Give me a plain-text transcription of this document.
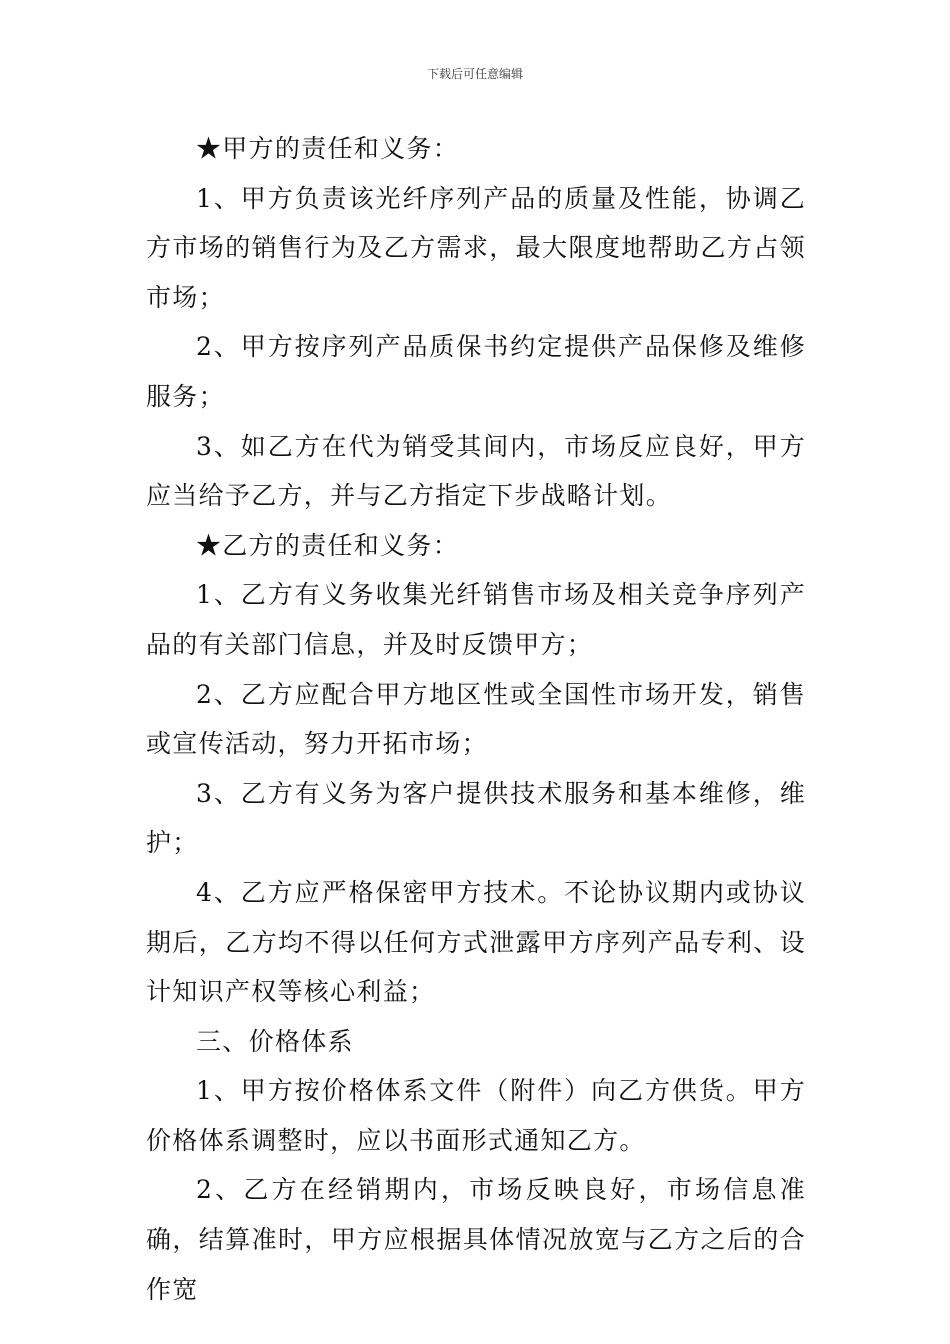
下载后可任意编辑

★甲方的责任和义务：

1、甲方负责该光纤序列产品的质量及性能，协调乙方市场的销售行为及乙方需求，最大限度地帮助乙方占领市场；

2、甲方按序列产品质保书约定提供产品保修及维修服务；

3、如乙方在代为销受其间内，市场反应良好，甲方应当给予乙方，并与乙方指定下步战略计划。

★乙方的责任和义务：

1、乙方有义务收集光纤销售市场及相关竞争序列产品的有关部门信息，并及时反馈甲方；

2、乙方应配合甲方地区性或全国性市场开发，销售或宣传活动，努力开拓市场；

3、乙方有义务为客户提供技术服务和基本维修，维护；

4、乙方应严格保密甲方技术。不论协议期内或协议期后，乙方均不得以任何方式泄露甲方序列产品专利、设计知识产权等核心利益；

三、价格体系

1、甲方按价格体系文件（附件）向乙方供货。甲方价格体系调整时，应以书面形式通知乙方。

2、乙方在经销期内，市场反映良好，市场信息准确，结算准时，甲方应根据具体情况放宽与乙方之后的合作宽
